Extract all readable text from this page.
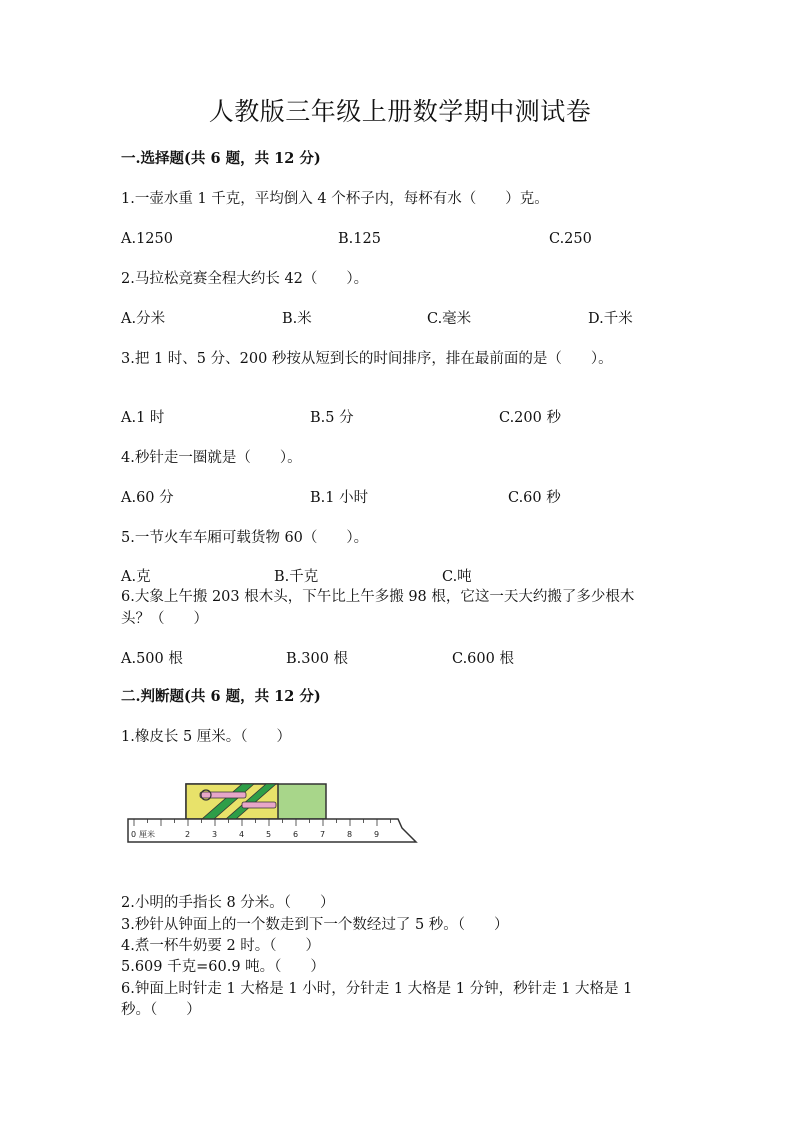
人教版三年级上册数学期中测试卷
一.选择题(共 6 题，共 12 分)
1.一壶水重 1 千克，平均倒入 4 个杯子内，每杯有水（　　）克。
A.1250	B.125	C.250
2.马拉松竞赛全程大约长 42（　　）。
A.分米	B.米	C.毫米	D.千米
3.把 1 时、5 分、200 秒按从短到长的时间排序，排在最前面的是（　　）。
A.1 时	B.5 分	C.200 秒
4.秒针走一圈就是（　　）。
A.60 分	B.1 小时	C.60 秒
5.一节火车车厢可载货物 60（　　）。
A.克	B.千克	C.吨
6.大象上午搬 203 根木头，下午比上午多搬 98 根，它这一天大约搬了多少根木
头？（　　）
A.500 根	B.300 根	C.600 根
二.判断题(共 6 题，共 12 分)
1.橡皮长 5 厘米。（　　）
0 厘米	2	3	4	5	6	7	8	9
2.小明的手指长 8 分米。（　　）
3.秒针从钟面上的一个数走到下一个数经过了 5 秒。（　　）
4.煮一杯牛奶要 2 时。（　　）
5.609 千克=60.9 吨。（　　）
6.钟面上时针走 1 大格是 1 小时，分针走 1 大格是 1 分钟，秒针走 1 大格是 1
秒。（　　）
